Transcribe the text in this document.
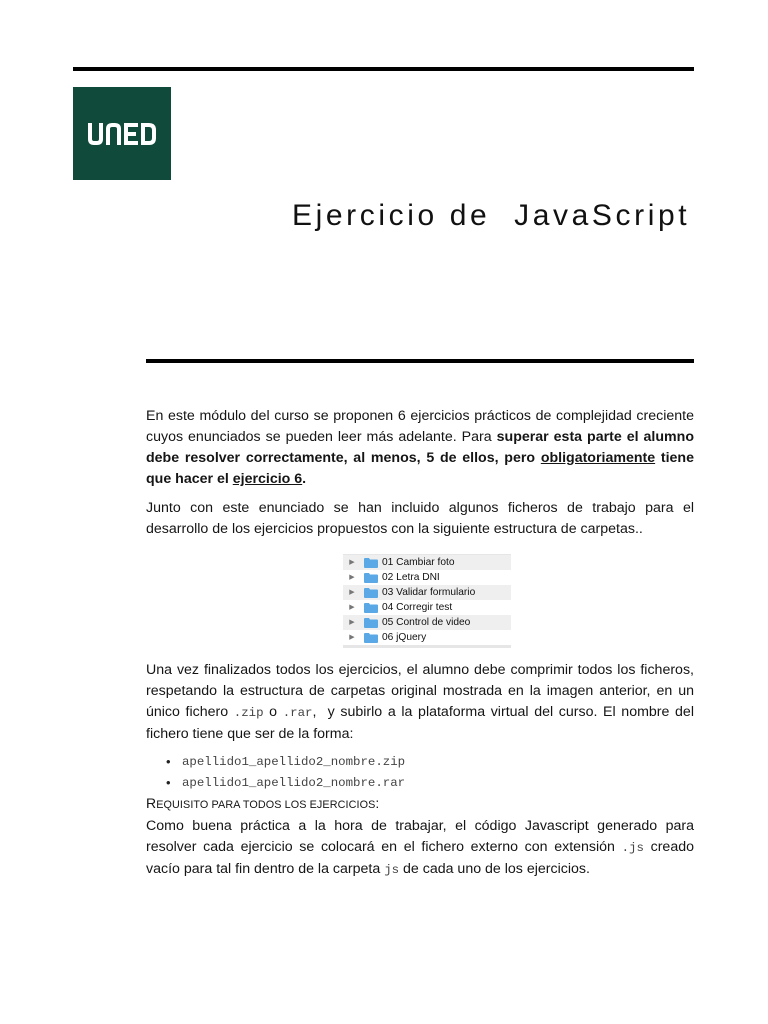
Ejercicio de  JavaScript

En este módulo del curso se proponen 6 ejercicios prácticos de complejidad creciente cuyos enunciados se pueden leer más adelante. Para superar esta parte el alumno debe resolver correctamente, al menos, 5 de ellos, pero obligatoriamente tiene que hacer el ejercicio 6.

Junto con este enunciado se han incluido algunos ficheros de trabajo para el desarrollo de los ejercicios propuestos con la siguiente estructura de carpetas..

▶	01 Cambiar foto
▶	02 Letra DNI
▶	03 Validar formulario
▶	04 Corregir test
▶	05 Control de video
▶	06 jQuery

Una vez finalizados todos los ejercicios, el alumno debe comprimir todos los ficheros, respetando la estructura de carpetas original mostrada en la imagen anterior, en un único fichero .zip o .rar,  y subirlo a la plataforma virtual del curso. El nombre del fichero tiene que ser de la forma:

• apellido1_apellido2_nombre.zip
• apellido1_apellido2_nombre.rar

REQUISITO PARA TODOS LOS EJERCICIOS:

Como buena práctica a la hora de trabajar, el código Javascript generado para resolver cada ejercicio se colocará en el fichero externo con extensión .js creado vacío para tal fin dentro de la carpeta js de cada uno de los ejercicios.
